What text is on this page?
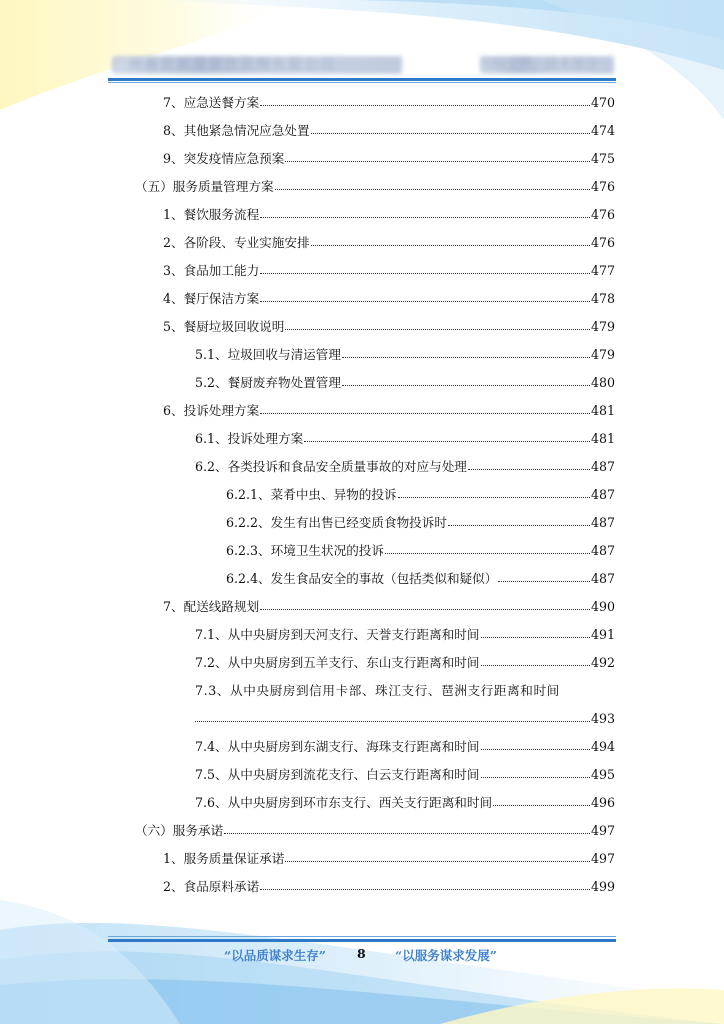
广州鑫晋新增餐饮管理有限公司	投标文件，技术部分
7、应急送餐方案	470
8、其他紧急情况应急处置	474
9、突发疫情应急预案	475
（五）服务质量管理方案	476
1、餐饮服务流程	476
2、各阶段、专业实施安排	476
3、食品加工能力	477
4、餐厅保洁方案	478
5、餐厨垃圾回收说明	479
5.1、垃圾回收与清运管理	479
5.2、餐厨废弃物处置管理	480
6、投诉处理方案	481
6.1、投诉处理方案	481
6.2、各类投诉和食品安全质量事故的对应与处理	487
6.2.1、菜肴中虫、异物的投诉	487
6.2.2、发生有出售已经变质食物投诉时	487
6.2.3、环境卫生状况的投诉	487
6.2.4、发生食品安全的事故（包括类似和疑似）	487
7、配送线路规划	490
7.1、从中央厨房到天河支行、天誉支行距离和时间	491
7.2、从中央厨房到五羊支行、东山支行距离和时间	492
7.3、从中央厨房到信用卡部、珠江支行、琶洲支行距离和时间
493
7.4、从中央厨房到东湖支行、海珠支行距离和时间	494
7.5、从中央厨房到流花支行、白云支行距离和时间	495
7.6、从中央厨房到环市东支行、西关支行距离和时间	496
（六）服务承诺	497
1、服务质量保证承诺	497
2、食品原料承诺	499
“以品质谋求生存” 8 “以服务谋求发展”
